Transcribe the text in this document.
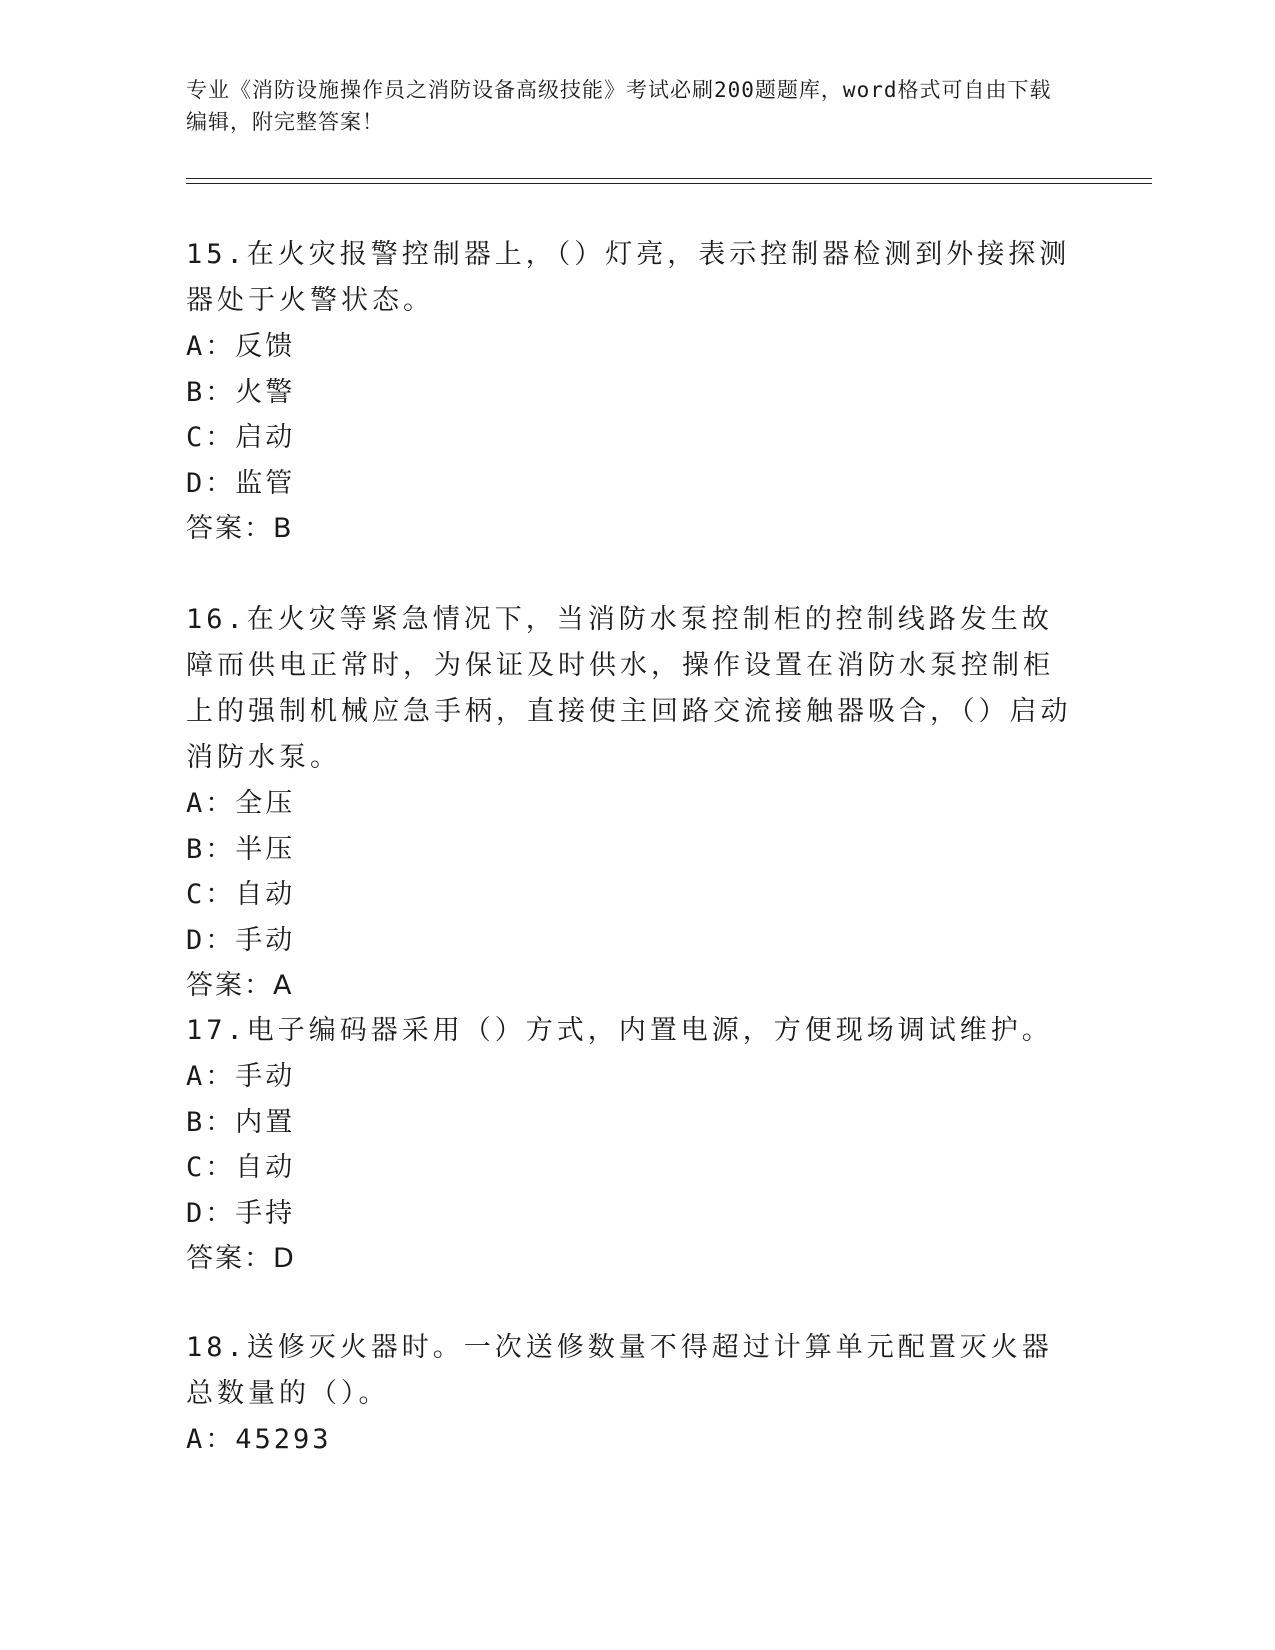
专业《消防设施操作员之消防设备高级技能》考试必刷200题题库，word格式可自由下载编辑，附完整答案！

15.在火灾报警控制器上，（）灯亮，表示控制器检测到外接探测器处于火警状态。

A：反馈

B：火警

C：启动

D：监管

答案：B

16.在火灾等紧急情况下，当消防水泵控制柜的控制线路发生故障而供电正常时，为保证及时供水，操作设置在消防水泵控制柜上的强制机械应急手柄，直接使主回路交流接触器吸合，（）启动消防水泵。

A：全压

B：半压

C：自动

D：手动

答案：A

17.电子编码器采用（）方式，内置电源，方便现场调试维护。

A：手动

B：内置

C：自动

D：手持

答案：D

18.送修灭火器时。一次送修数量不得超过计算单元配置灭火器总数量的（）。

A：45293
